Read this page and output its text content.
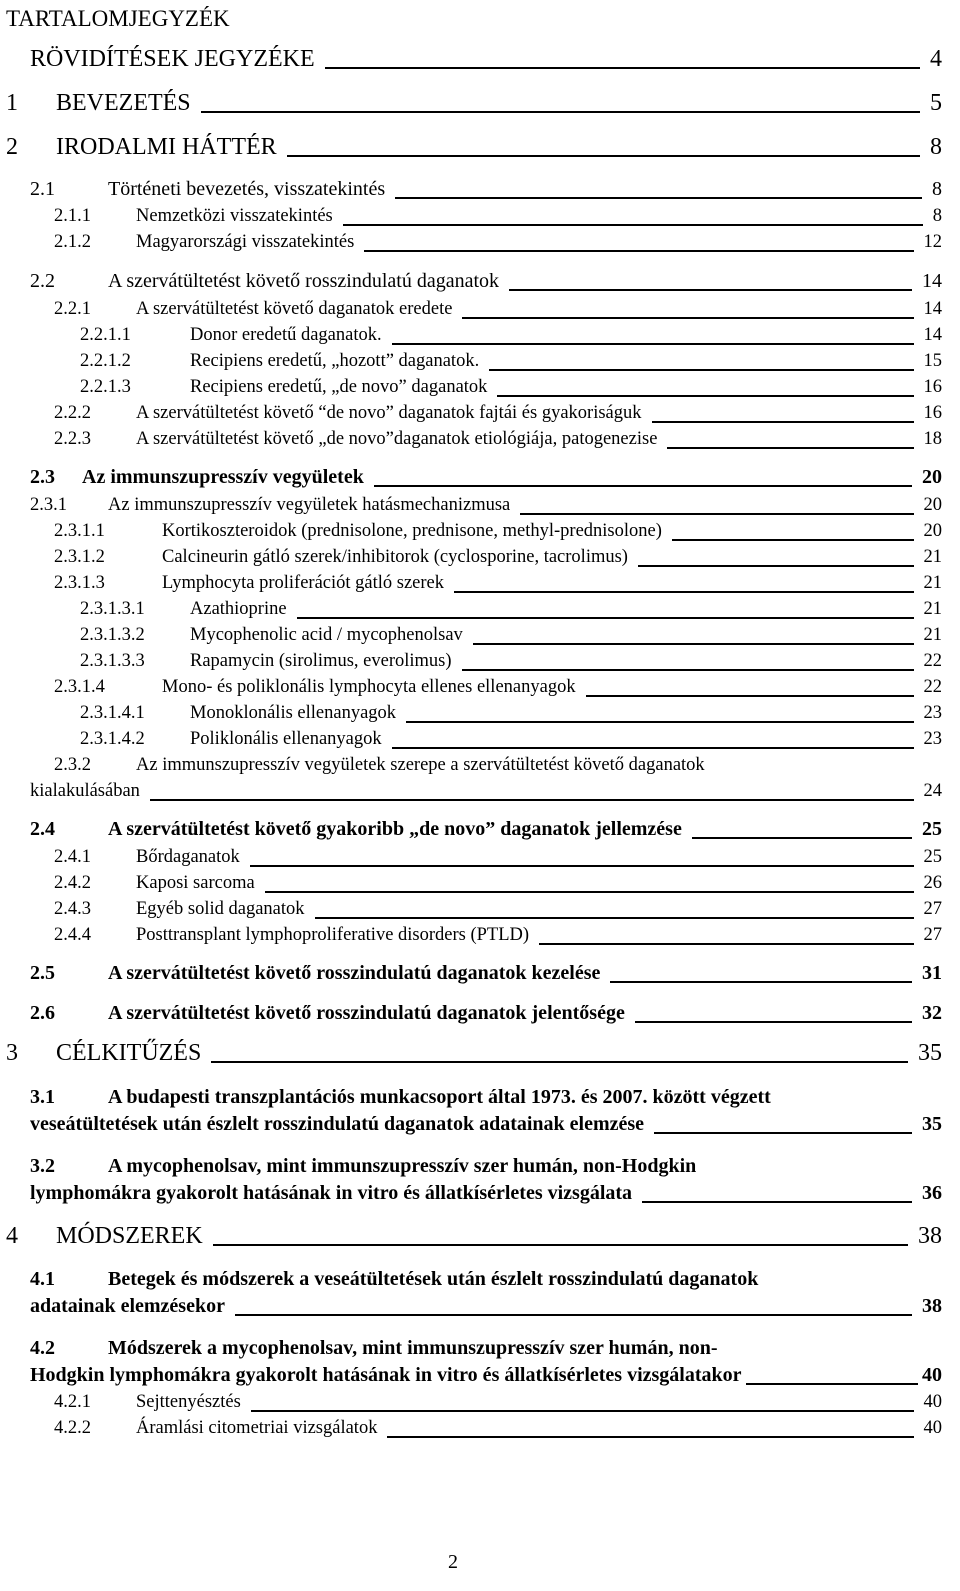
TARTALOMJEGYZÉK
RÖVIDÍTÉSEK JEGYZÉKE	4
1 BEVEZETÉS	5
2 IRODALMI HÁTTÉR	8
2.1	Történeti bevezetés, visszatekintés	8
2.1.1 Nemzetközi visszatekintés	8
2.1.2 Magyarországi visszatekintés	12
2.2	A szervátültetést követő rosszindulatú daganatok	14
2.2.1 A szervátültetést követő daganatok eredete	14
2.2.1.1	Donor eredetű daganatok.	14
2.2.1.2	Recipiens eredetű, „hozott” daganatok.	15
2.2.1.3	Recipiens eredetű, „de novo” daganatok	16
2.2.2 A szervátültetést követő “de novo” daganatok fajtái és gyakoriságuk	16
2.2.3 A szervátültetést követő „de novo”daganatok etiológiája, patogenezise	18
2.3 Az immunszupresszív vegyületek	20
2.3.1 Az immunszupresszív vegyületek hatásmechanizmusa	20
2.3.1.1	Kortikoszteroidok (prednisolone, prednisone, methyl-prednisolone)	20
2.3.1.2	Calcineurin gátló szerek/inhibitorok (cyclosporine, tacrolimus)	21
2.3.1.3	Lymphocyta proliferációt gátló szerek	21
2.3.1.3.1 Azathioprine	21
2.3.1.3.2 Mycophenolic acid / mycophenolsav	21
2.3.1.3.3 Rapamycin (sirolimus, everolimus)	22
2.3.1.4	Mono- és poliklonális lymphocyta ellenes ellenanyagok	22
2.3.1.4.1 Monoklonális ellenanyagok	23
2.3.1.4.2 Poliklonális ellenanyagok	23
2.3.2 Az immunszupresszív vegyületek szerepe a szervátültetést követő daganatok
kialakulásában	24
2.4	A szervátültetést követő gyakoribb „de novo” daganatok jellemzése	25
2.4.1 Bőrdaganatok	25
2.4.2 Kaposi sarcoma	26
2.4.3 Egyéb solid daganatok	27
2.4.4 Posttransplant lymphoproliferative disorders (PTLD)	27
2.5	A szervátültetést követő rosszindulatú daganatok kezelése	31
2.6	A szervátültetést követő rosszindulatú daganatok jelentősége	32
3 CÉLKITŰZÉS	35
3.1	A budapesti transzplantációs munkacsoport által 1973. és 2007. között végzett
veseátültetések után észlelt rosszindulatú daganatok adatainak elemzése	35
3.2	A mycophenolsav, mint immunszupresszív szer humán, non-Hodgkin
lymphomákra gyakorolt hatásának in vitro és állatkísérletes vizsgálata	36
4 MÓDSZEREK	38
4.1	Betegek és módszerek a veseátültetések után észlelt rosszindulatú daganatok
adatainak elemzésekor	38
4.2	Módszerek a mycophenolsav, mint immunszupresszív szer humán, non-
Hodgkin lymphomákra gyakorolt hatásának in vitro és állatkísérletes vizsgálatakor	40
4.2.1 Sejttenyésztés	40
4.2.2 Áramlási citometriai vizsgálatok	40
2
